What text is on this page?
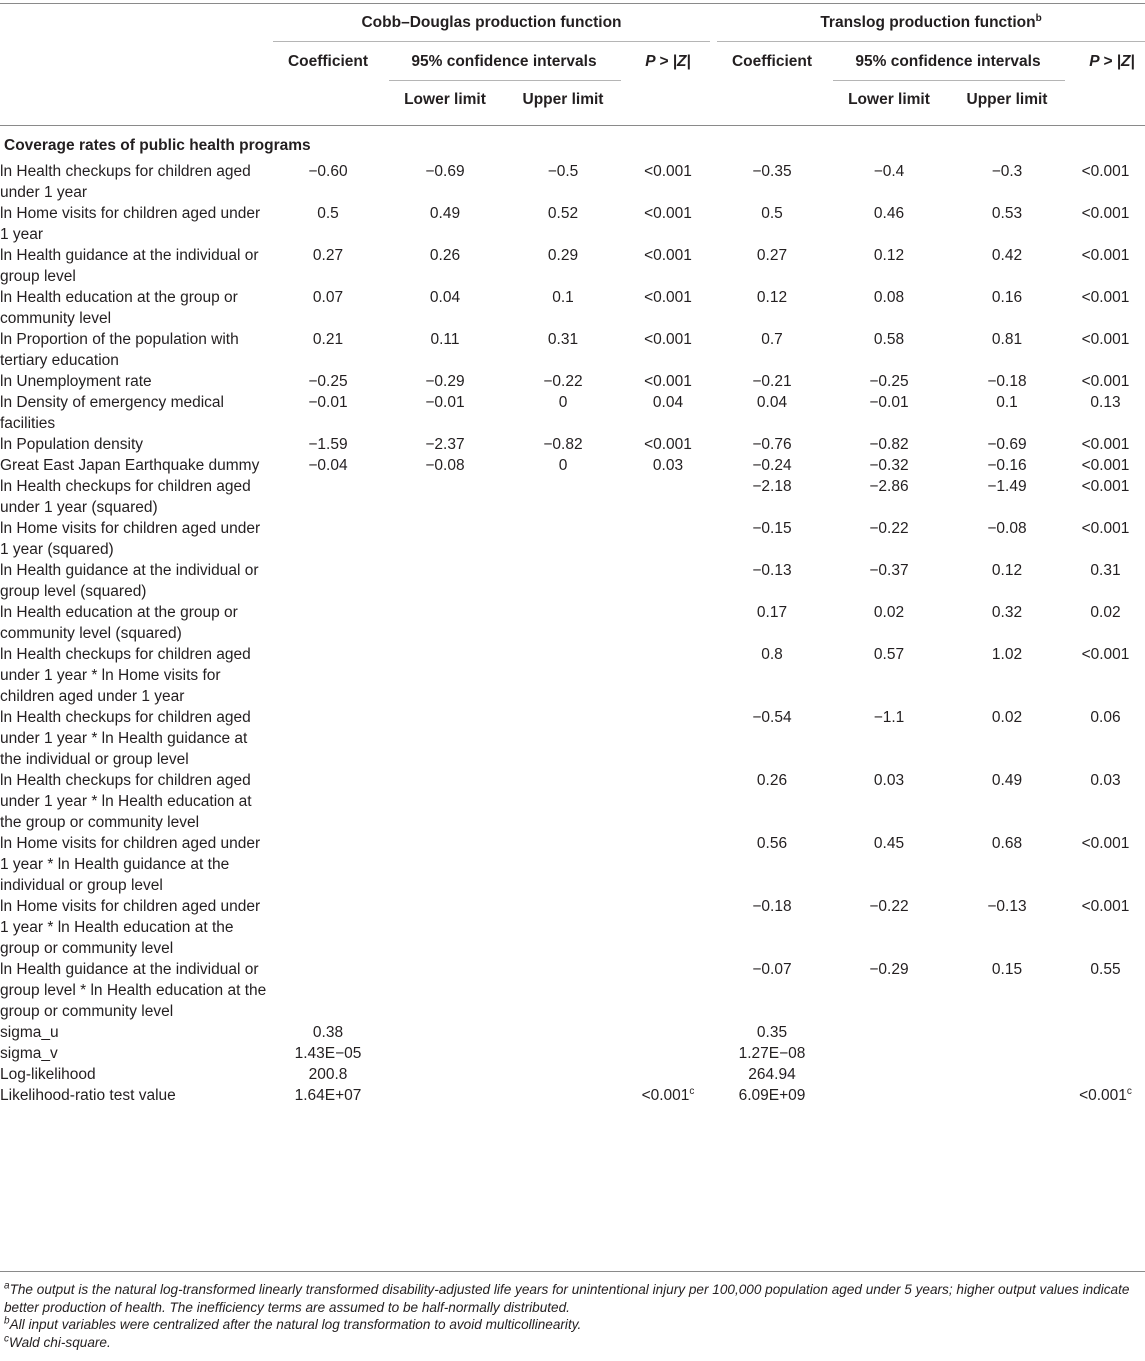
Cobb–Douglas production function	Translog production function$^b$
Coefficient	95% confidence intervals	P > |Z|
Lower limit	Upper limit
Coefficient	95% confidence intervals	P > |Z|
Lower limit	Upper limit
Coverage rates of public health programs
ln Health checkups for children aged under 1 year	−0.60	−0.69	−0.5	<0.001	−0.35	−0.4	−0.3	<0.001
ln Home visits for children aged under 1 year	0.5	0.49	0.52	<0.001	0.5	0.46	0.53	<0.001
ln Health guidance at the individual or group level	0.27	0.26	0.29	<0.001	0.27	0.12	0.42	<0.001
ln Health education at the group or community level	0.07	0.04	0.1	<0.001	0.12	0.08	0.16	<0.001
ln Proportion of the population with tertiary education	0.21	0.11	0.31	<0.001	0.7	0.58	0.81	<0.001
ln Unemployment rate	−0.25	−0.29	−0.22	<0.001	−0.21	−0.25	−0.18	<0.001
ln Density of emergency medical facilities	−0.01	−0.01	0	0.04	0.04	−0.01	0.1	0.13
ln Population density	−1.59	−2.37	−0.82	<0.001	−0.76	−0.82	−0.69	<0.001
Great East Japan Earthquake dummy	−0.04	−0.08	0	0.03	−0.24	−0.32	−0.16	<0.001
ln Health checkups for children aged under 1 year (squared)					−2.18	−2.86	−1.49	<0.001
ln Home visits for children aged under 1 year (squared)					−0.15	−0.22	−0.08	<0.001
ln Health guidance at the individual or group level (squared)					−0.13	−0.37	0.12	0.31
ln Health education at the group or community level (squared)					0.17	0.02	0.32	0.02
ln Health checkups for children aged under 1 year * ln Home visits for children aged under 1 year					0.8	0.57	1.02	<0.001
ln Health checkups for children aged under 1 year * ln Health guidance at the individual or group level					−0.54	−1.1	0.02	0.06
ln Health checkups for children aged under 1 year * ln Health education at the group or community level					0.26	0.03	0.49	0.03
ln Home visits for children aged under 1 year * ln Health guidance at the individual or group level					0.56	0.45	0.68	<0.001
ln Home visits for children aged under 1 year * ln Health education at the group or community level					−0.18	−0.22	−0.13	<0.001
ln Health guidance at the individual or group level * ln Health education at the group or community level					−0.07	−0.29	0.15	0.55
sigma_u	0.38				0.35			
sigma_v	1.43E−05				1.27E−08			
Log-likelihood	200.8				264.94			
Likelihood-ratio test value	1.64E+07			<0.001$^c$	6.09E+09			<0.001$^c$

$^a$The output is the natural log-transformed linearly transformed disability-adjusted life years for unintentional injury per 100,000 population aged under 5 years; higher output values indicate better production of health. The inefficiency terms are assumed to be half-normally distributed.

$^b$All input variables were centralized after the natural log transformation to avoid multicollinearity.

$^c$Wald chi-square.
